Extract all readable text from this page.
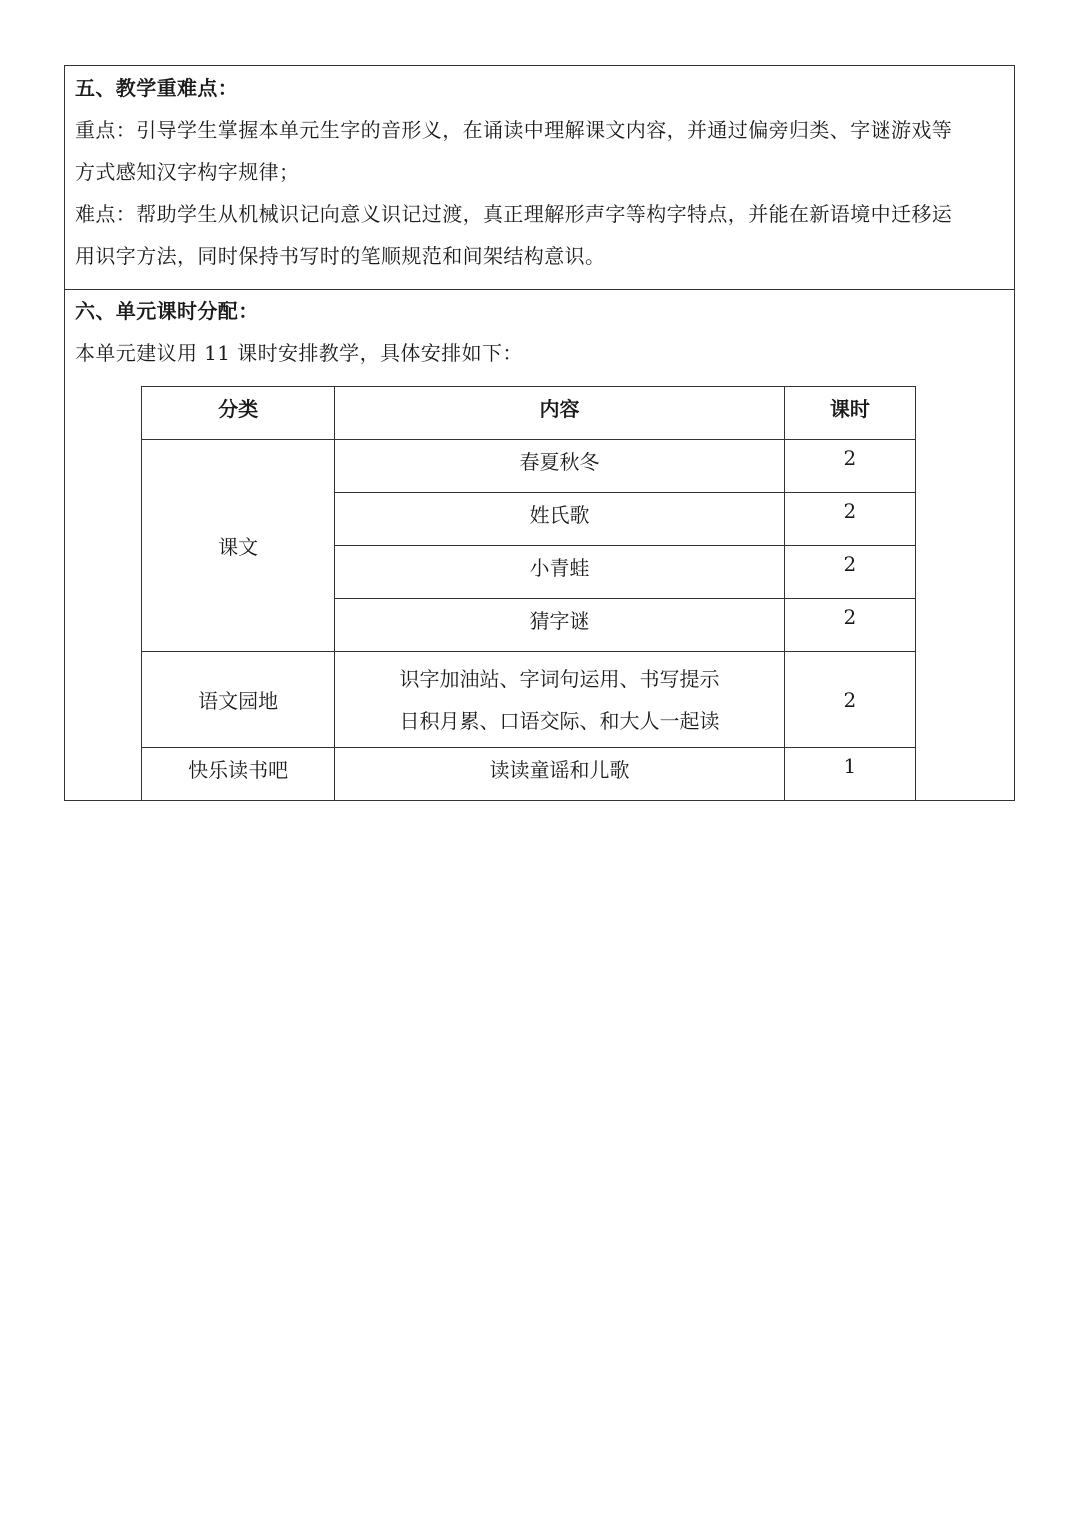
五、教学重难点：
重点：引导学生掌握本单元生字的音形义，在诵读中理解课文内容，并通过偏旁归类、字谜游戏等
方式感知汉字构字规律；
难点：帮助学生从机械识记向意义识记过渡，真正理解形声字等构字特点，并能在新语境中迁移运
用识字方法，同时保持书写时的笔顺规范和间架结构意识。
六、单元课时分配：
本单元建议用 11 课时安排教学，具体安排如下：
分类	内容	课时
课文	春夏秋冬	2
	姓氏歌	2
	小青蛙	2
	猜字谜	2
语文园地	识字加油站、字词句运用、书写提示
日积月累、口语交际、和大人一起读	2
快乐读书吧	读读童谣和儿歌	1
